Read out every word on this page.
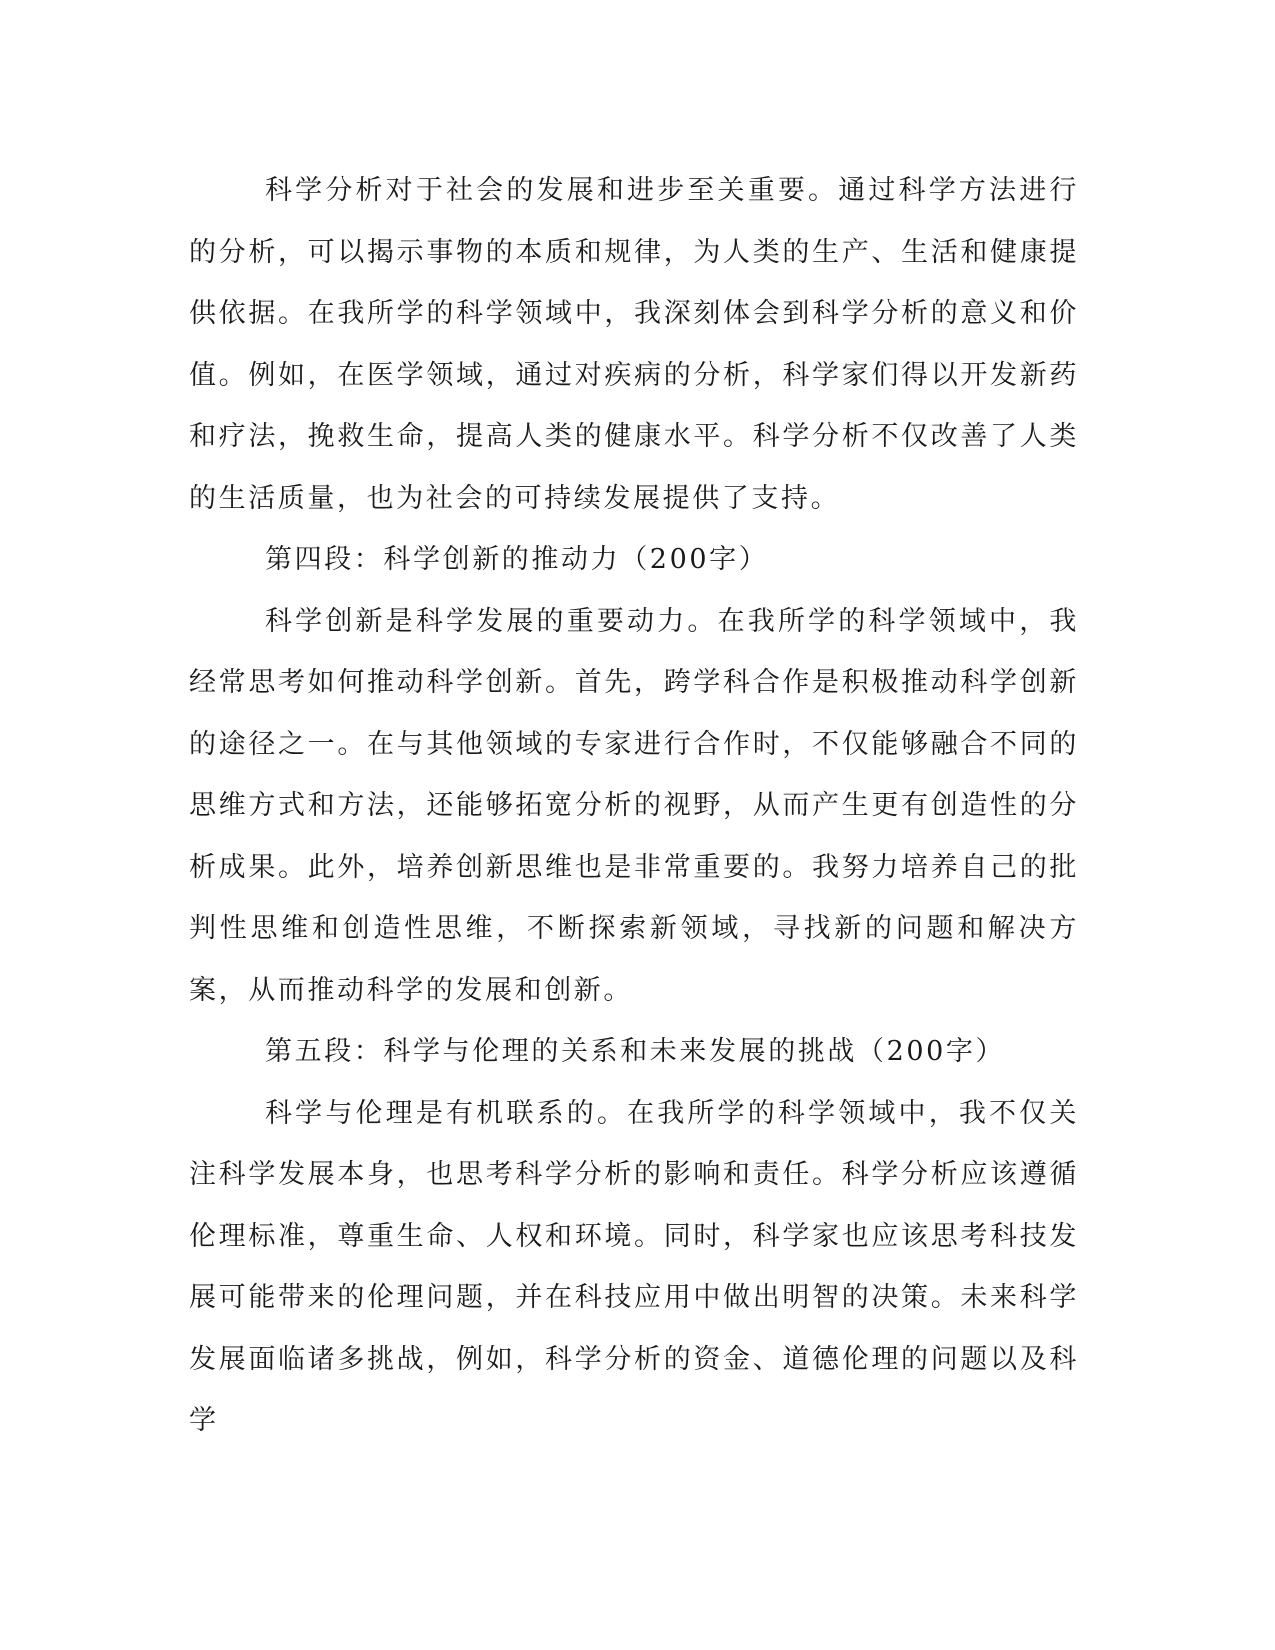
科学分析对于社会的发展和进步至关重要。通过科学方法进行的分析，可以揭示事物的本质和规律，为人类的生产、生活和健康提供依据。在我所学的科学领域中，我深刻体会到科学分析的意义和价值。例如，在医学领域，通过对疾病的分析，科学家们得以开发新药和疗法，挽救生命，提高人类的健康水平。科学分析不仅改善了人类的生活质量，也为社会的可持续发展提供了支持。

第四段：科学创新的推动力（200字）

科学创新是科学发展的重要动力。在我所学的科学领域中，我经常思考如何推动科学创新。首先，跨学科合作是积极推动科学创新的途径之一。在与其他领域的专家进行合作时，不仅能够融合不同的思维方式和方法，还能够拓宽分析的视野，从而产生更有创造性的分析成果。此外，培养创新思维也是非常重要的。我努力培养自己的批判性思维和创造性思维，不断探索新领域，寻找新的问题和解决方案，从而推动科学的发展和创新。

第五段：科学与伦理的关系和未来发展的挑战（200字）

科学与伦理是有机联系的。在我所学的科学领域中，我不仅关注科学发展本身，也思考科学分析的影响和责任。科学分析应该遵循伦理标准，尊重生命、人权和环境。同时，科学家也应该思考科技发展可能带来的伦理问题，并在科技应用中做出明智的决策。未来科学发展面临诸多挑战，例如，科学分析的资金、道德伦理的问题以及科学
